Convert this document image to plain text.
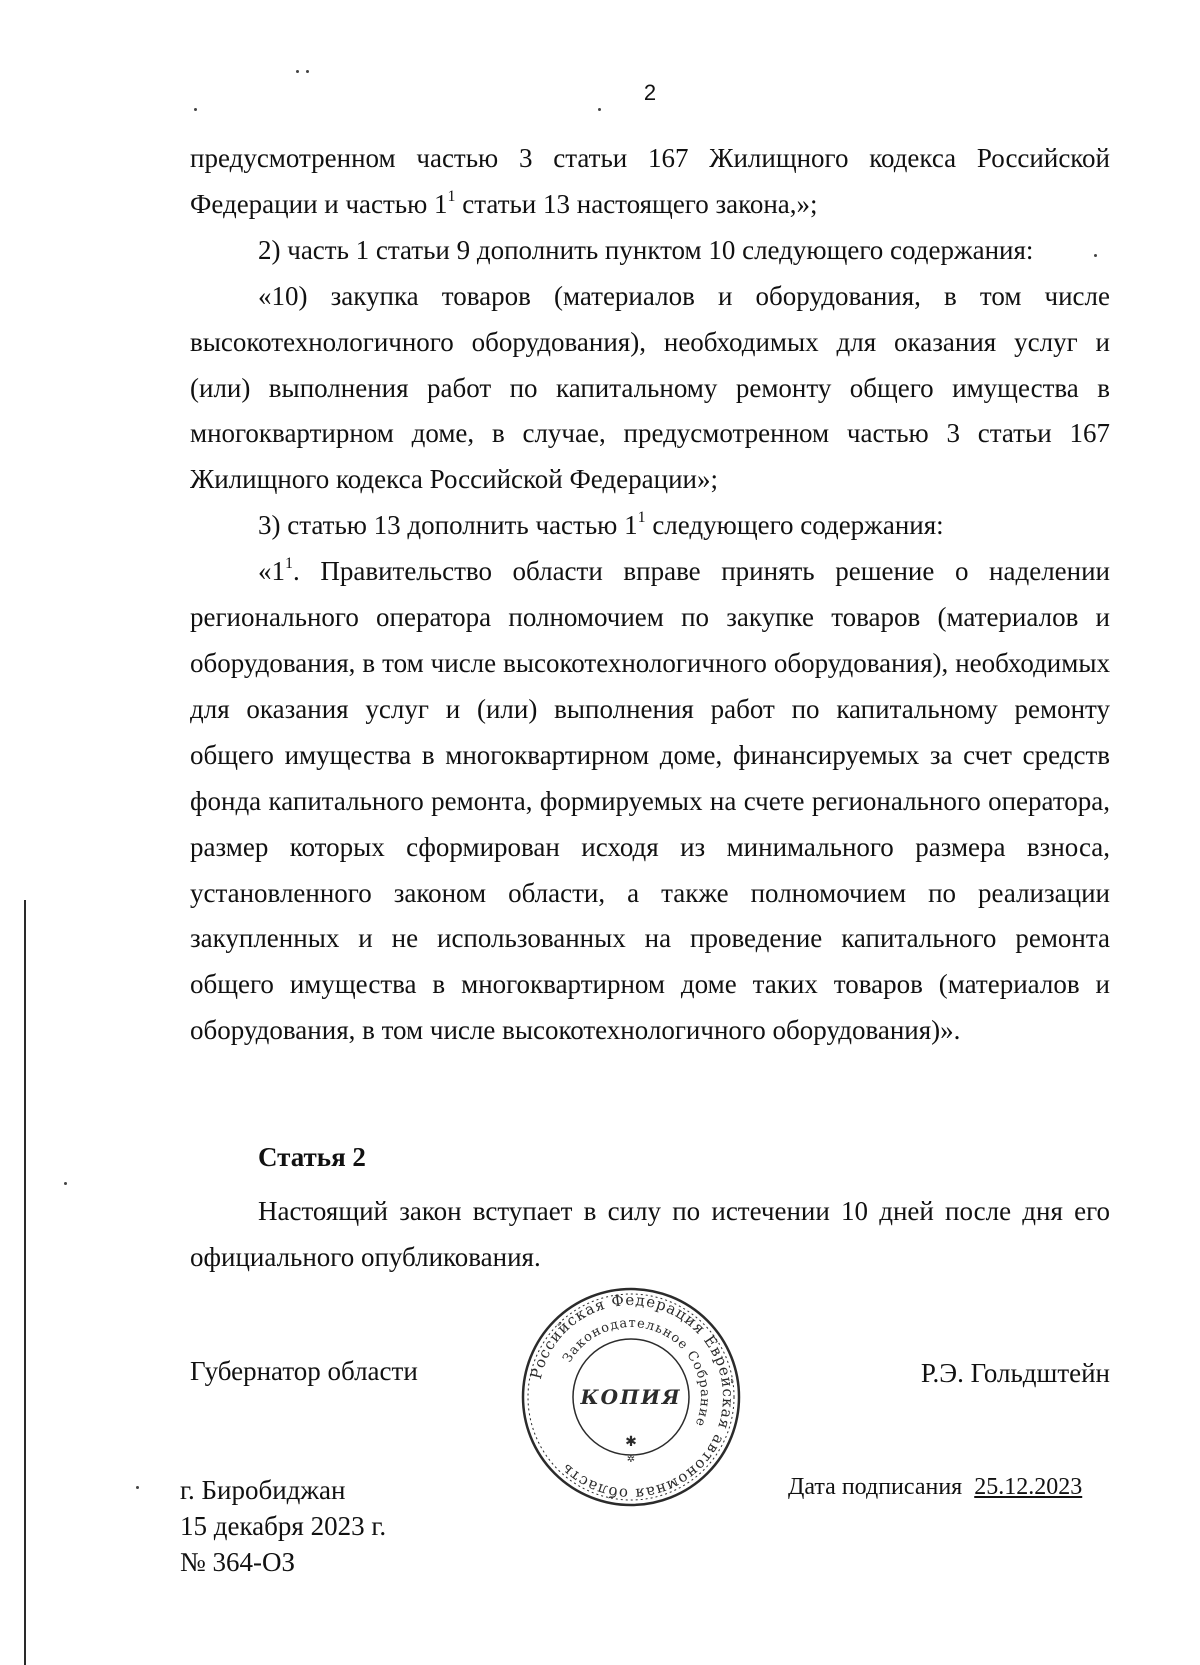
2

предусмотренном частью 3 статьи 167 Жилищного кодекса Российской Федерации и частью $1^1$ статьи 13 настоящего закона,»;

2) часть 1 статьи 9 дополнить пунктом 10 следующего содержания:

«10) закупка товаров (материалов и оборудования, в том числе высокотехнологичного оборудования), необходимых для оказания услуг и (или) выполнения работ по капитальному ремонту общего имущества в многоквартирном доме, в случае, предусмотренном частью 3 статьи 167 Жилищного кодекса Российской Федерации»;

3) статью 13 дополнить частью $1^1$ следующего содержания:

«$1^1$. Правительство области вправе принять решение о наделении регионального оператора полномочием по закупке товаров (материалов и оборудования, в том числе высокотехнологичного оборудования), необходимых для оказания услуг и (или) выполнения работ по капитальному ремонту общего имущества в многоквартирном доме, финансируемых за счет средств фонда капитального ремонта, формируемых на счете регионального оператора, размер которых сформирован исходя из минимального размера взноса, установленного законом области, а также полномочием по реализации закупленных и не использованных на проведение капитального ремонта общего имущества в многоквартирном доме таких товаров (материалов и оборудования, в том числе высокотехнологичного оборудования)».

Статья 2

Настоящий закон вступает в силу по истечении 10 дней после дня его официального опубликования.

Губернатор области	Р.Э. Гольдштейн
Российская Федерация Еврейская автономная область
Законодательное Собрание
КОПИЯ
✱
✲
г. Биробиджан
15 декабря 2023 г.
№ 364-ОЗ
Дата подписания 25.12.2023
